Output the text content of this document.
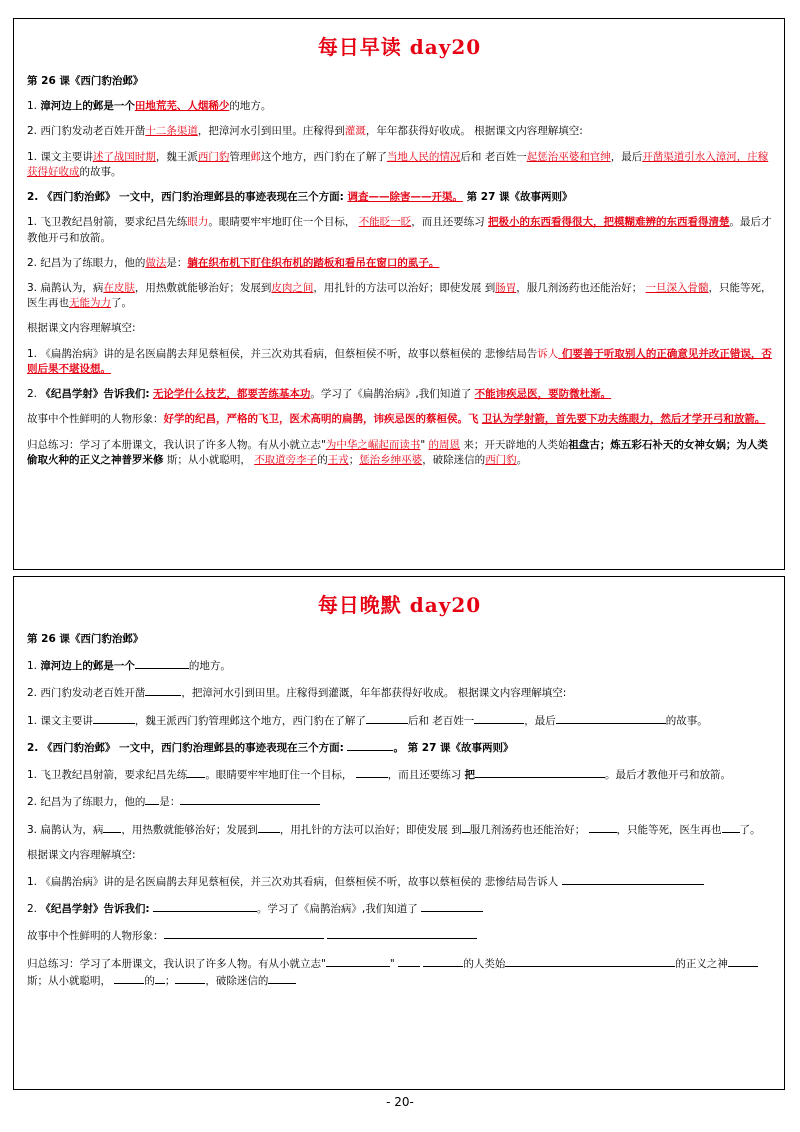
每日早读 day20
第 26 课《西门豹治邺》
1. 漳河边上的邺是一个田地荒芜、人烟稀少的地方。
2. 西门豹发动老百姓开凿十二条渠道，把漳河水引到田里。庄稼得到灌溉，年年都获得好收成。 根据课文内容理解填空:
1. 课文主要讲述了战国时期，魏王派西门豹管理邺这个地方，西门豹在了解了当地人民的情况后和 老百姓一起惩治巫婆和官绅，最后开凿渠道引水入漳河，庄稼获得好收成的故事。
2. 《西门豹治邺》 一文中，西门豹治理邺县的事迹表现在三个方面: 调查——除害——开渠。 第 27 课《故事两则》
1. 飞卫教纪昌射箭，要求纪昌先练眼力。眼睛要牢牢地盯住一个目标， 不能眨一眨，而且还要练习 把极小的东西看得很大，把模糊难辨的东西看得清楚。最后才教他开弓和放箭。
2. 纪昌为了练眼力，他的做法是：躺在织布机下盯住织布机的踏板和看吊在窗口的虱子。
3. 扁鹊认为，病在皮肤，用热敷就能够治好；发展到皮肉之间，用扎针的方法可以治好；即使发展 到肠胃，服几剂汤药也还能治好； 一旦深入骨髓，只能等死，医生再也无能为力了。
根据课文内容理解填空:
1. 《扁鹊治病》讲的是名医扁鹊去拜见蔡桓侯，并三次劝其看病，但蔡桓侯不听，故事以蔡桓侯的 悲惨结局告诉人 们要善于听取别人的正确意见并改正错误，否则后果不堪设想。
2. 《纪昌学射》告诉我们: 无论学什么技艺，都要苦练基本功。学习了《扁鹊治病》,我们知道了 不能讳疾忌医，要防微杜渐。
故事中个性鲜明的人物形象：好学的纪昌，严格的飞卫，医术高明的扁鹊，讳疾忌医的蔡桓侯。飞 卫认为学射箭，首先要下功夫练眼力，然后才学开弓和放箭。
归总练习：学习了本册课文，我认识了许多人物。有从小就立志"为中华之崛起而读书" 的周恩 来；开天辟地的人类始祖盘古；炼五彩石补天的女神女娲；为人类偷取火种的正义之神普罗米修 斯；从小就聪明， 不取道旁李子的王戎；惩治乡绅巫婆，破除迷信的西门豹。
每日晚默 day20
第 26 课《西门豹治邺》
1. 漳河边上的邺是一个	的地方。
2. 西门豹发动老百姓开凿	，把漳河水引到田里。庄稼得到灌溉，年年都获得好收成。 根据课文内容理解填空:
1. 课文主要讲	，魏王派西门豹管理邺这个地方，西门豹在了解了	后和 老百姓一	，最后	的故事。
2. 《西门豹治邺》 一文中，西门豹治理邺县的事迹表现在三个方面:	。 第 27 课《故事两则》
1. 飞卫教纪昌射箭，要求纪昌先练 。眼睛要牢牢地盯住一个目标，	，而且还要练习 把	。最后才教他开弓和放箭。
2. 纪昌为了练眼力，他的 是：
3. 扁鹊认为，病 ，用热敷就能够治好；发展到 ，用扎针的方法可以治好；即使发展 到 服几剂汤药也还能治好；	，只能等死，医生再也 了。
根据课文内容理解填空:
1. 《扁鹊治病》讲的是名医扁鹊去拜见蔡桓侯，并三次劝其看病，但蔡桓侯不听，故事以蔡桓侯的 悲惨结局告诉人
2. 《纪昌学射》告诉我们:	。学习了《扁鹊治病》,我们知道了
故事中个性鲜明的人物形象：
归总练习：学习了本册课文，我认识了许多人物。有从小就立志"	"	的人类始	的正义之神 斯；从小就聪明，	的 ；	，破除迷信的
- 20-
